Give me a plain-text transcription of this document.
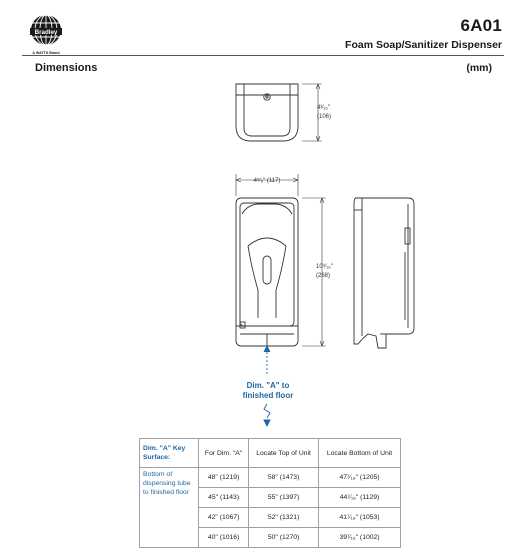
Bradley
A WATTS Brand
6A01
Foam Soap/Sanitizer Dispenser
Dimensions	(mm)
4³⁄₁₆"
(106)
4⁵⁄₈" (117)
10⁹⁄₁₆"
(268)
Dim. "A" to
finished floor
Dim. "A" Key Surface:	For Dim. "A"	Locate Top of Unit	Locate Bottom of Unit
Bottom of dispensing tube to finished floor	48" (1219)	58" (1473)	47⁷⁄₁₆" (1205)
	45" (1143)	55" (1397)	44⁷⁄₁₆" (1129)
	42" (1067)	52" (1321)	41⁷⁄₁₆" (1053)
	40" (1016)	50" (1270)	39⁷⁄₁₆" (1002)
